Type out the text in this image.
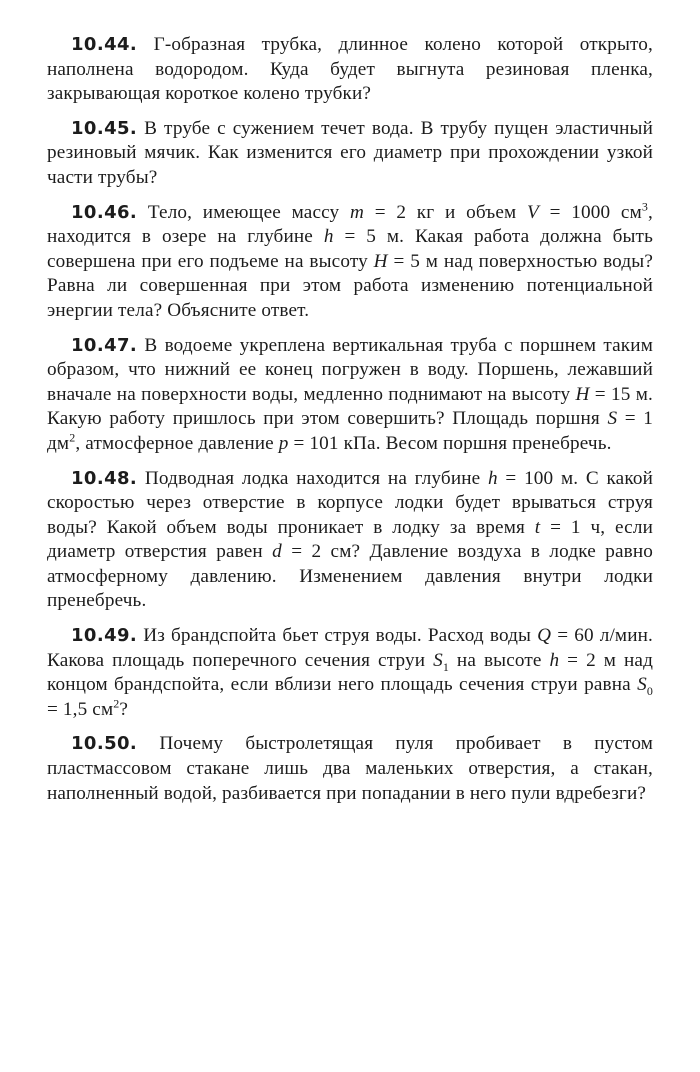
10.44. Г-образная трубка, длинное колено которой открыто, наполнена водородом. Куда будет выгнута резиновая пленка, закрывающая короткое колено трубки?

10.45. В трубе с сужением течет вода. В трубу пущен эластичный резиновый мячик. Как изменится его диаметр при прохождении узкой части трубы?

10.46. Тело, имеющее массу m = 2 кг и объем V = 1000 $см^3$, находится в озере на глубине h = 5 м. Какая работа должна быть совершена при его подъеме на высоту H = 5 м над поверхностью воды? Равна ли совершенная при этом работа изменению потенциальной энергии тела? Объясните ответ.

10.47. В водоеме укреплена вертикальная труба с поршнем таким образом, что нижний ее конец погружен в воду. Поршень, лежавший вначале на поверхности воды, медленно поднимают на высоту H = 15 м. Какую работу пришлось при этом совершить? Площадь поршня S = 1 $дм^2$, атмосферное давление p = 101 кПа. Весом поршня пренебречь.

10.48. Подводная лодка находится на глубине h = 100 м. С какой скоростью через отверстие в корпусе лодки будет врываться струя воды? Какой объем воды проникает в лодку за время t = 1 ч, если диаметр отверстия равен d = 2 см? Давление воздуха в лодке равно атмосферному давлению. Изменением давления внутри лодки пренебречь.

10.49. Из брандспойта бьет струя воды. Расход воды Q = 60 л/мин. Какова площадь поперечного сечения струи $S_1$ на высоте h = 2 м над концом брандспойта, если вблизи него площадь сечения струи равна $S_0 = 1,5$ $см^2$?

10.50. Почему быстролетящая пуля пробивает в пустом пластмассовом стакане лишь два маленьких отверстия, а стакан, наполненный водой, разбивается при попадании в него пули вдребезги?
